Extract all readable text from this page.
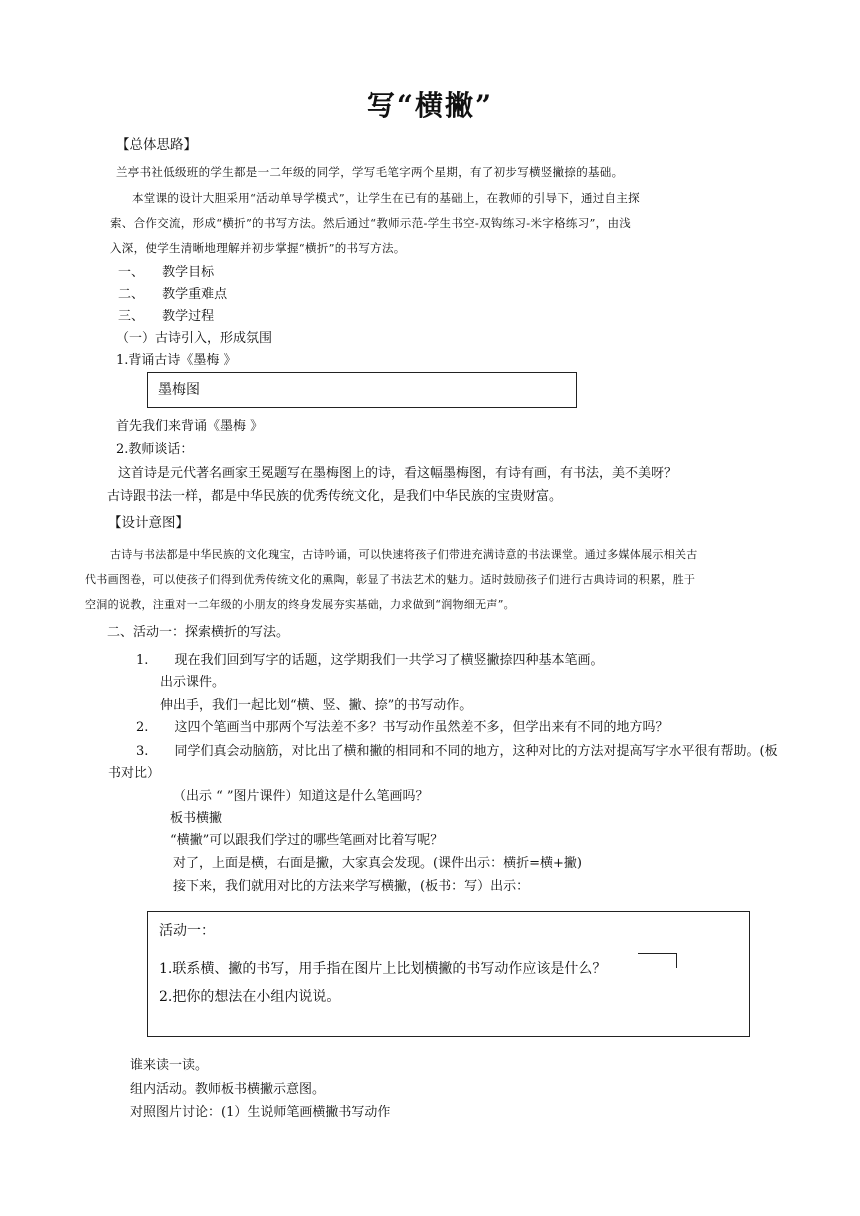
写“横撇”
【总体思路】
兰亭书社低级班的学生都是一二年级的同学，学写毛笔字两个星期，有了初步写横竖撇捺的基础。
本堂课的设计大胆采用“活动单导学模式”，让学生在已有的基础上，在教师的引导下，通过自主探
索、合作交流，形成“横折”的书写方法。然后通过“教师示范-学生书空-双钩练习-米字格练习”，由浅
入深，使学生清晰地理解并初步掌握“横折”的书写方法。
一、 教学目标
二、 教学重难点
三、 教学过程
（一）古诗引入，形成氛围
1.背诵古诗《墨梅 》
墨梅图
首先我们来背诵《墨梅 》
2.教师谈话：
这首诗是元代著名画家王冕题写在墨梅图上的诗，看这幅墨梅图，有诗有画，有书法，美不美呀？
古诗跟书法一样，都是中华民族的优秀传统文化，是我们中华民族的宝贵财富。
【设计意图】
古诗与书法都是中华民族的文化瑰宝，古诗吟诵，可以快速将孩子们带进充满诗意的书法课堂。通过多媒体展示相关古
代书画图卷，可以使孩子们得到优秀传统文化的熏陶，彰显了书法艺术的魅力。适时鼓励孩子们进行古典诗词的积累，胜于
空洞的说教，注重对一二年级的小朋友的终身发展夯实基础，力求做到“润物细无声”。
二、活动一：探索横折的写法。
1. 现在我们回到写字的话题，这学期我们一共学习了横竖撇捺四种基本笔画。
出示课件。
伸出手，我们一起比划“横、竖、撇、捺”的书写动作。
2. 这四个笔画当中那两个写法差不多？书写动作虽然差不多，但学出来有不同的地方吗？
3. 同学们真会动脑筋，对比出了横和撇的相同和不同的地方，这种对比的方法对提高写字水平很有帮助。(板
书对比）
（出示 “ ”图片课件）知道这是什么笔画吗？
板书横撇
“横撇”可以跟我们学过的哪些笔画对比着写呢？
对了，上面是横，右面是撇，大家真会发现。(课件出示：横折=横+撇)
接下来，我们就用对比的方法来学写横撇，(板书：写）出示：
活动一：
1.联系横、撇的书写，用手指在图片上比划横撇的书写动作应该是什么？
2.把你的想法在小组内说说。
谁来读一读。
组内活动。教师板书横撇示意图。
对照图片讨论：(1）生说师笔画横撇书写动作
